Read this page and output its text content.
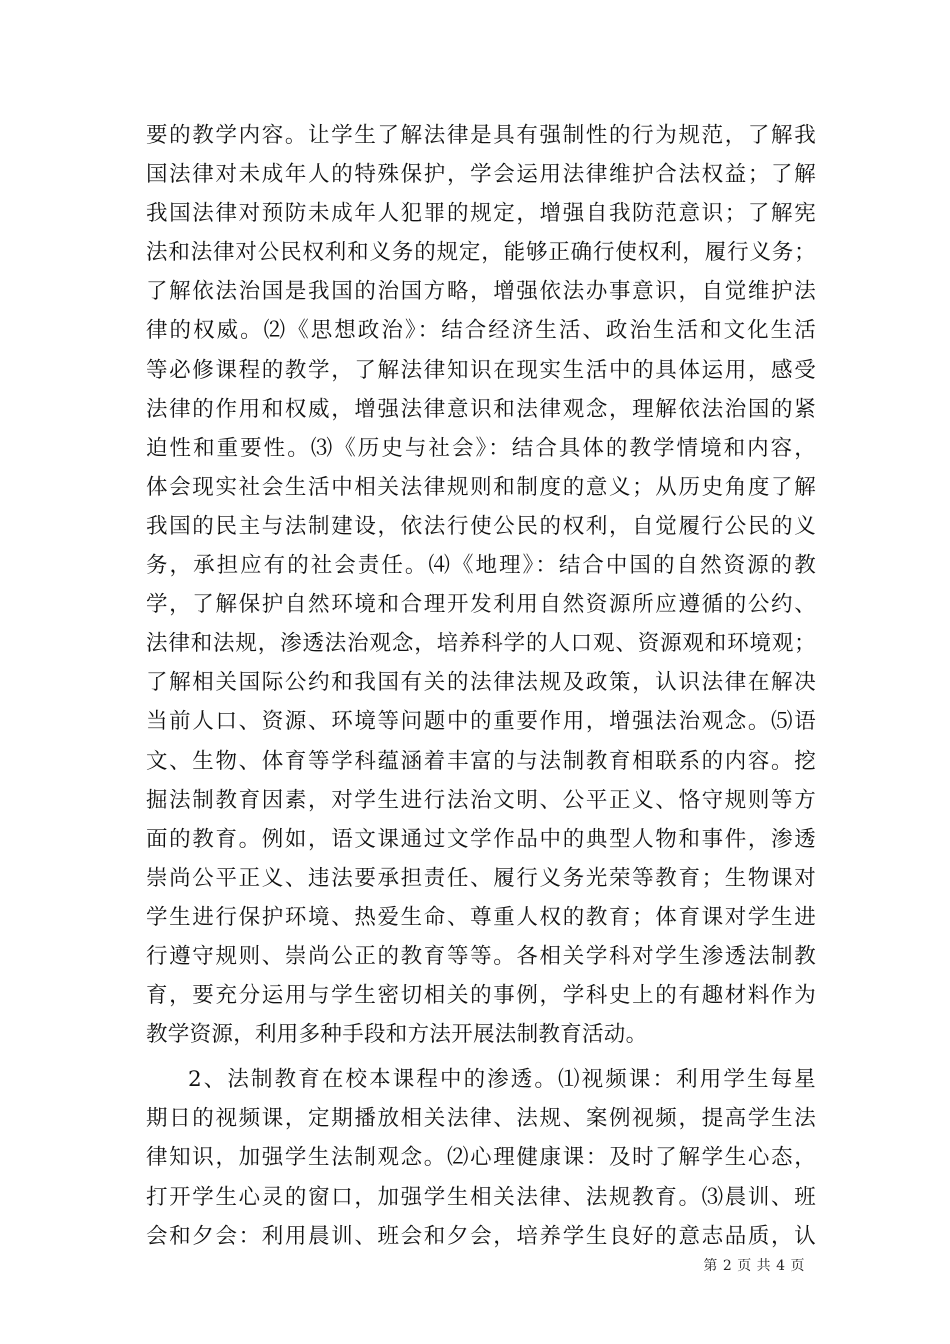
要的教学内容。让学生了解法律是具有强制性的行为规范，了解我
国法律对未成年人的特殊保护，学会运用法律维护合法权益；了解
我国法律对预防未成年人犯罪的规定，增强自我防范意识；了解宪
法和法律对公民权利和义务的规定，能够正确行使权利，履行义务；
了解依法治国是我国的治国方略，增强依法办事意识，自觉维护法
律的权威。⑵《思想政治》：结合经济生活、政治生活和文化生活
等必修课程的教学，了解法律知识在现实生活中的具体运用，感受
法律的作用和权威，增强法律意识和法律观念，理解依法治国的紧
迫性和重要性。⑶《历史与社会》：结合具体的教学情境和内容，
体会现实社会生活中相关法律规则和制度的意义；从历史角度了解
我国的民主与法制建设，依法行使公民的权利，自觉履行公民的义
务，承担应有的社会责任。⑷《地理》：结合中国的自然资源的教
学，了解保护自然环境和合理开发利用自然资源所应遵循的公约、
法律和法规，渗透法治观念，培养科学的人口观、资源观和环境观；
了解相关国际公约和我国有关的法律法规及政策，认识法律在解决
当前人口、资源、环境等问题中的重要作用，增强法治观念。⑸语
文、生物、体育等学科蕴涵着丰富的与法制教育相联系的内容。挖
掘法制教育因素，对学生进行法治文明、公平正义、恪守规则等方
面的教育。例如，语文课通过文学作品中的典型人物和事件，渗透
崇尚公平正义、违法要承担责任、履行义务光荣等教育；生物课对
学生进行保护环境、热爱生命、尊重人权的教育；体育课对学生进
行遵守规则、崇尚公正的教育等等。各相关学科对学生渗透法制教
育，要充分运用与学生密切相关的事例，学科史上的有趣材料作为
教学资源，利用多种手段和方法开展法制教育活动。
2、法制教育在校本课程中的渗透。⑴视频课：利用学生每星
期日的视频课，定期播放相关法律、法规、案例视频，提高学生法
律知识，加强学生法制观念。⑵心理健康课：及时了解学生心态，
打开学生心灵的窗口，加强学生相关法律、法规教育。⑶晨训、班
会和夕会：利用晨训、班会和夕会，培养学生良好的意志品质，认
第 2 页 共 4 页
